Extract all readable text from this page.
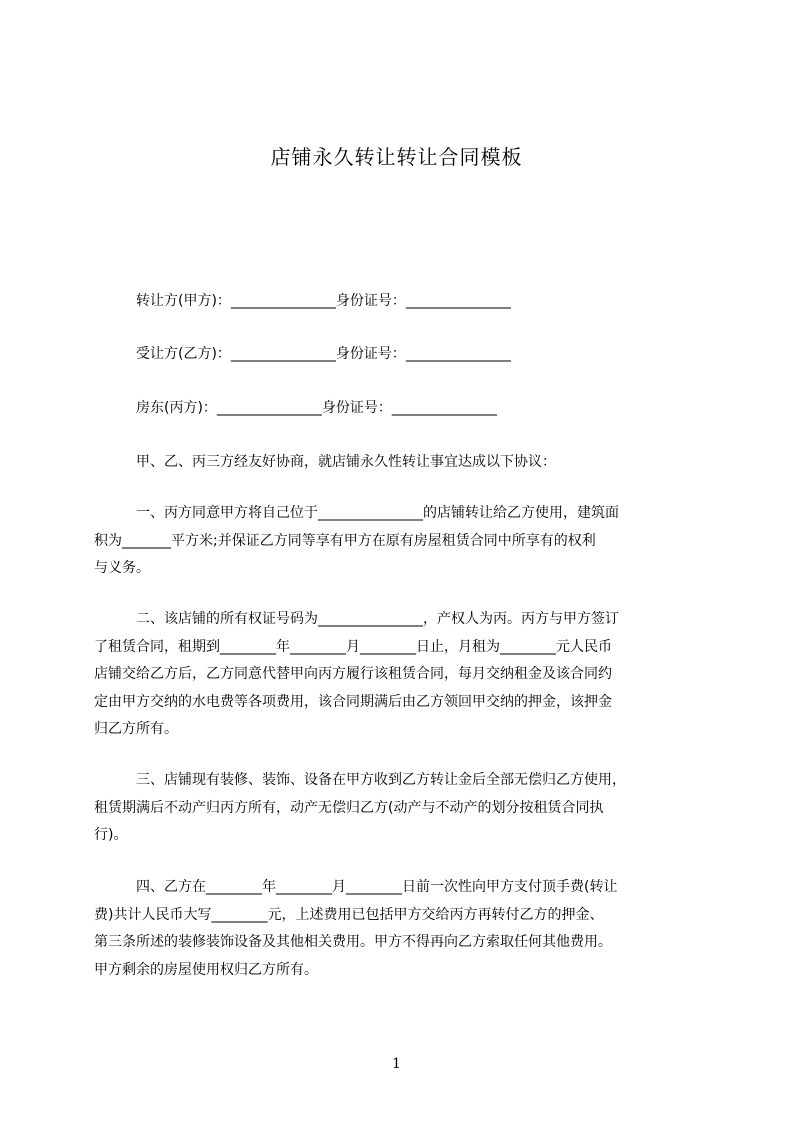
店铺永久转让转让合同模板
转让方(甲方)：_______________身份证号：_______________
受让方(乙方)：_______________身份证号：_______________
房东(丙方)：_______________身份证号：_______________
甲、乙、丙三方经友好协商，就店铺永久性转让事宜达成以下协议：
一、丙方同意甲方将自己位于_______________的店铺转让给乙方使用，建筑面
积为_______平方米;并保证乙方同等享有甲方在原有房屋租赁合同中所享有的权利
与义务。
二、该店铺的所有权证号码为_______________，产权人为丙。丙方与甲方签订
了租赁合同，租期到________年________月________日止，月租为________元人民币
店铺交给乙方后，乙方同意代替甲向丙方履行该租赁合同，每月交纳租金及该合同约
定由甲方交纳的水电费等各项费用，该合同期满后由乙方领回甲交纳的押金，该押金
归乙方所有。
三、店铺现有装修、装饰、设备在甲方收到乙方转让金后全部无偿归乙方使用，
租赁期满后不动产归丙方所有，动产无偿归乙方(动产与不动产的划分按租赁合同执
行)。
四、乙方在________年________月________日前一次性向甲方支付顶手费(转让
费)共计人民币大写________元，上述费用已包括甲方交给丙方再转付乙方的押金、
第三条所述的装修装饰设备及其他相关费用。甲方不得再向乙方索取任何其他费用。
甲方剩余的房屋使用权归乙方所有。
1
